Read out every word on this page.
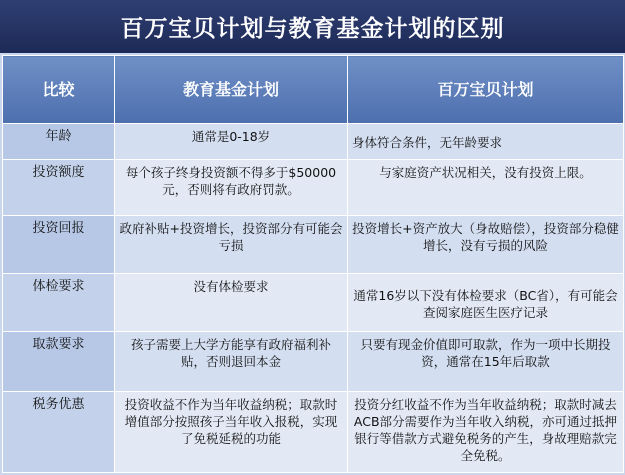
百万宝贝计划与教育基金计划的区别
比较	教育基金计划	百万宝贝计划
年龄	通常是0-18岁	身体符合条件，无年龄要求
投资额度	每个孩子终身投资额不得多于$50000元，否则将有政府罚款。	与家庭资产状况相关，没有投资上限。
投资回报	政府补贴+投资增长，投资部分有可能会亏损	投资增长+资产放大（身故赔偿），投资部分稳健增长，没有亏损的风险
体检要求	没有体检要求	通常16岁以下没有体检要求（BC省），有可能会查阅家庭医生医疗记录
取款要求	孩子需要上大学方能享有政府福利补贴，否则退回本金	只要有现金价值即可取款，作为一项中长期投资，通常在15年后取款
税务优惠	投资收益不作为当年收益纳税；取款时增值部分按照孩子当年收入报税，实现了免税延税的功能	投资分红收益不作为当年收益纳税；取款时减去ACB部分需要作为当年收入纳税，亦可通过抵押银行等借款方式避免税务的产生，身故理赔款完全免税。
